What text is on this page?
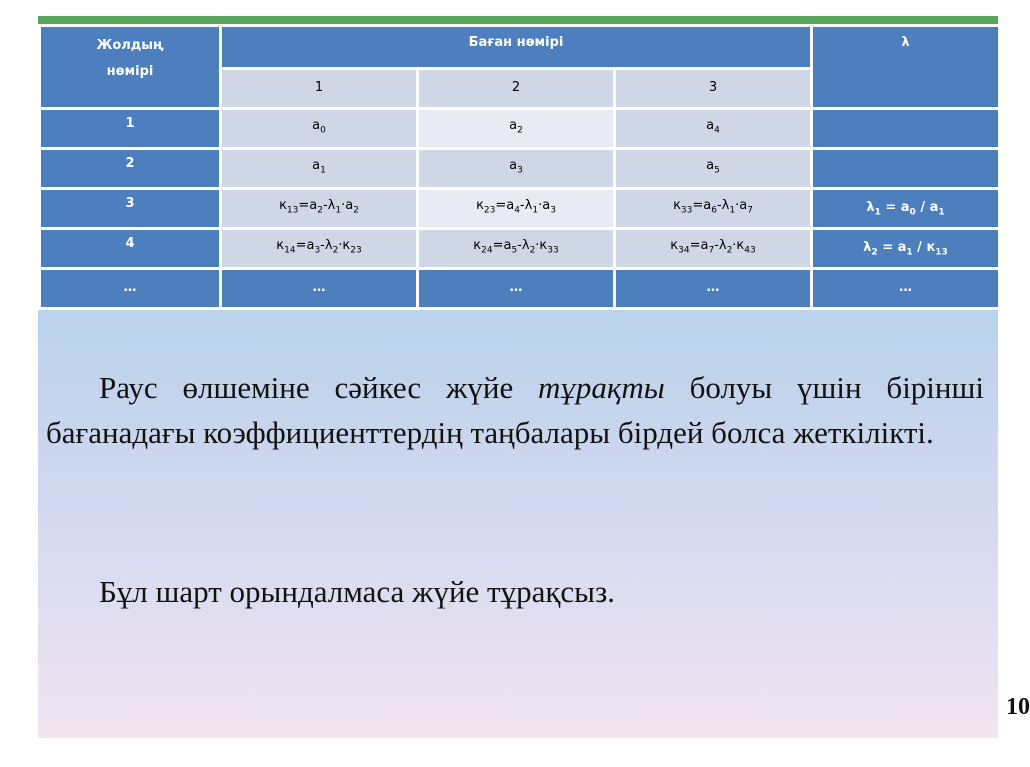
Жолдың нөмірі	Баған нөмірі			λ
	1	2	3	
1	$a_0$	$a_2$	$a_4$	
2	$a_1$	$a_3$	$a_5$	
3	$к_{13}=a_2-\lambda_1\cdot a_2$	$к_{23}=a_4-\lambda_1\cdot a_3$	$к_{33}=a_6-\lambda_1\cdot a_7$	$\lambda_1 = a_0 / a_1$
4	$к_{14}=a_3-\lambda_2\cdot к_{23}$	$к_{24}=a_5-\lambda_2\cdot к_{33}$	$к_{34}=a_7-\lambda_2\cdot к_{43}$	$\lambda_2 = a_1 / к_{13}$
…	…	…	…	…
Раус өлшеміне сәйкес жүйе тұрақты болуы үшін бірінші бағанадағы коэффициенттердің таңбалары бірдей болса жеткілікті.
Бұл шарт орындалмаса жүйе тұрақсыз.
10
